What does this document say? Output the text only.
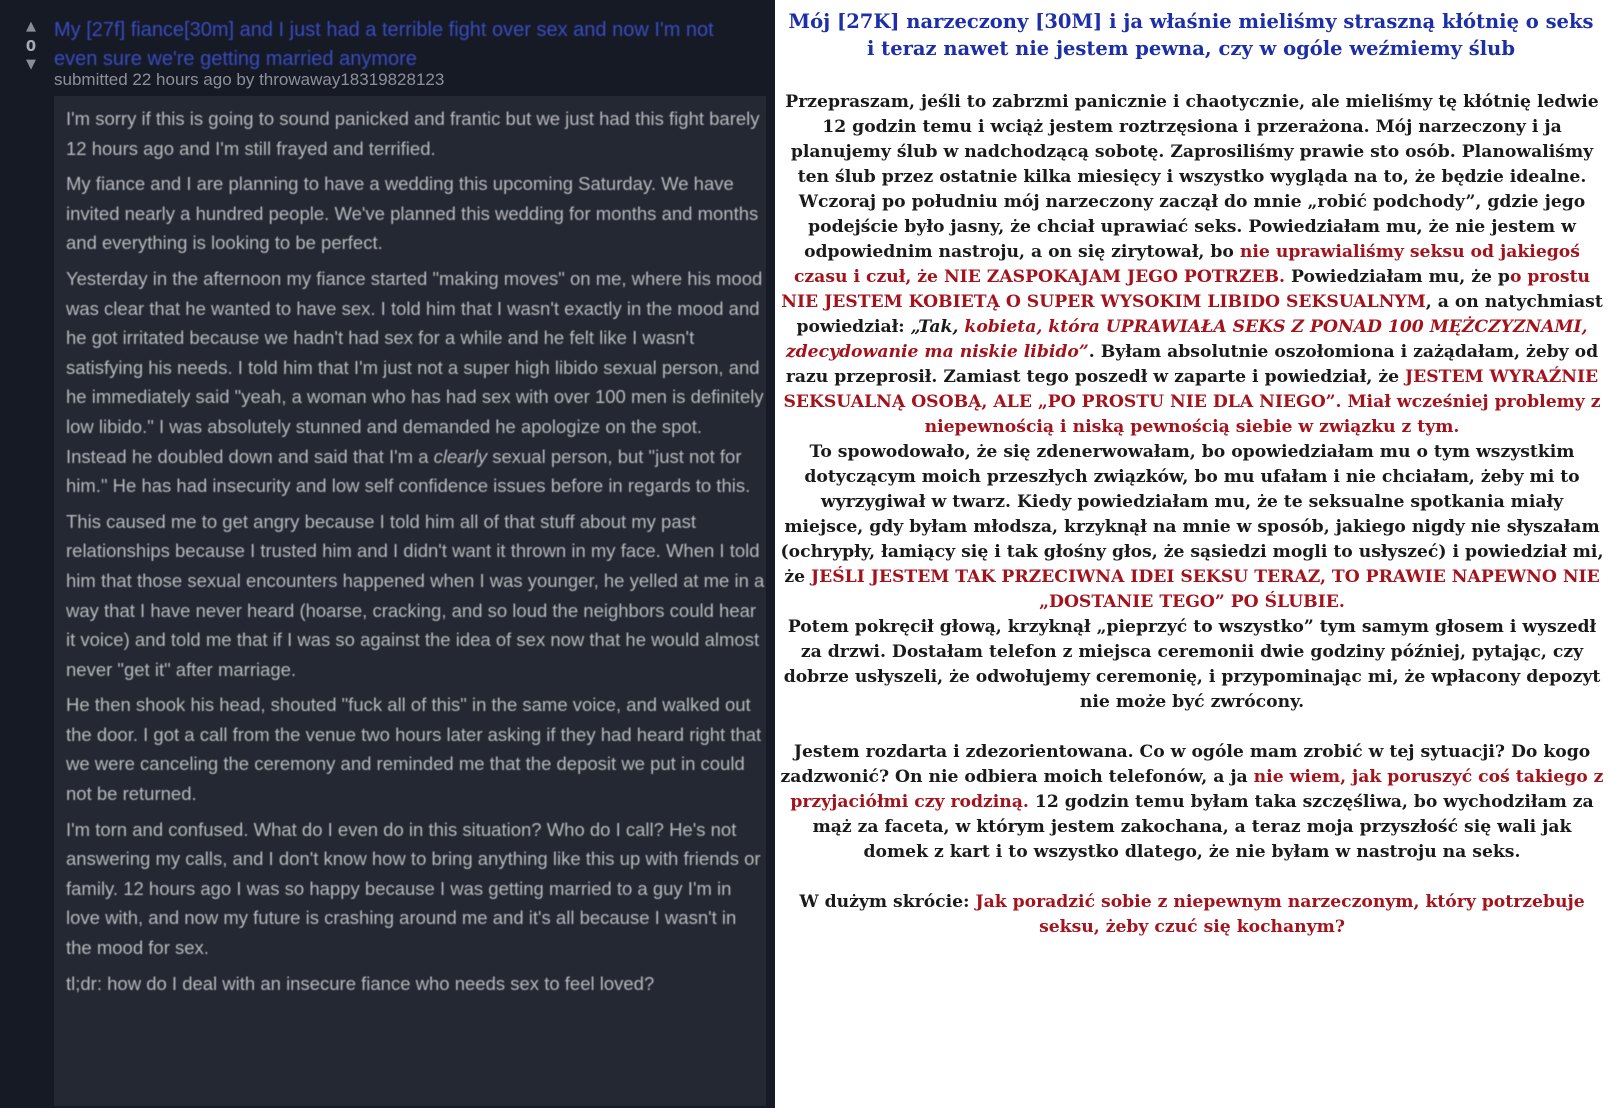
▲
0
▼
My [27f] fiance[30m] and I just had a terrible fight over sex and now I'm not even sure we're getting married anymore
submitted 22 hours ago by throwaway18319828123

I'm sorry if this is going to sound panicked and frantic but we just had this fight barely 12 hours ago and I'm still frayed and terrified.

My fiance and I are planning to have a wedding this upcoming Saturday. We have invited nearly a hundred people. We've planned this wedding for months and months and everything is looking to be perfect.

Yesterday in the afternoon my fiance started "making moves" on me, where his mood was clear that he wanted to have sex. I told him that I wasn't exactly in the mood and he got irritated because we hadn't had sex for a while and he felt like I wasn't satisfying his needs. I told him that I'm just not a super high libido sexual person, and he immediately said "yeah, a woman who has had sex with over 100 men is definitely low libido." I was absolutely stunned and demanded he apologize on the spot. Instead he doubled down and said that I'm a clearly sexual person, but "just not for him." He has had insecurity and low self confidence issues before in regards to this.

This caused me to get angry because I told him all of that stuff about my past relationships because I trusted him and I didn't want it thrown in my face. When I told him that those sexual encounters happened when I was younger, he yelled at me in a way that I have never heard (hoarse, cracking, and so loud the neighbors could hear it voice) and told me that if I was so against the idea of sex now that he would almost never "get it" after marriage.

He then shook his head, shouted "fuck all of this" in the same voice, and walked out the door. I got a call from the venue two hours later asking if they had heard right that we were canceling the ceremony and reminded me that the deposit we put in could not be returned.

I'm torn and confused. What do I even do in this situation? Who do I call? He's not answering my calls, and I don't know how to bring anything like this up with friends or family. 12 hours ago I was so happy because I was getting married to a guy I'm in love with, and now my future is crashing around me and it's all because I wasn't in the mood for sex.

tl;dr: how do I deal with an insecure fiance who needs sex to feel loved?

Mój [27K] narzeczony [30M] i ja właśnie mieliśmy straszną kłótnię o seks i teraz nawet nie jestem pewna, czy w ogóle weźmiemy ślub

Przepraszam, jeśli to zabrzmi panicznie i chaotycznie, ale mieliśmy tę kłótnię ledwie 12 godzin temu i wciąż jestem roztrzęsiona i przerażona. Mój narzeczony i ja planujemy ślub w nadchodzącą sobotę. Zaprosiliśmy prawie sto osób. Planowaliśmy ten ślub przez ostatnie kilka miesięcy i wszystko wygląda na to, że będzie idealne.

Wczoraj po południu mój narzeczony zaczął do mnie „robić podchody”, gdzie jego podejście było jasny, że chciał uprawiać seks. Powiedziałam mu, że nie jestem w odpowiednim nastroju, a on się zirytował, bo nie uprawialiśmy seksu od jakiegoś czasu i czuł, że NIE ZASPOKAJAM JEGO POTRZEB. Powiedziałam mu, że po prostu NIE JESTEM KOBIETĄ O SUPER WYSOKIM LIBIDO SEKSUALNYM, a on natychmiast powiedział: „Tak, kobieta, która UPRAWIAŁA SEKS Z PONAD 100 MĘŻCZYZNAMI, zdecydowanie ma niskie libido”. Byłam absolutnie oszołomiona i zażądałam, żeby od razu przeprosił. Zamiast tego poszedł w zaparte i powiedział, że JESTEM WYRAŹNIE SEKSUALNĄ OSOBĄ, ALE „PO PROSTU NIE DLA NIEGO”. Miał wcześniej problemy z niepewnością i niską pewnością siebie w związku z tym.

To spowodowało, że się zdenerwowałam, bo opowiedziałam mu o tym wszystkim dotyczącym moich przeszłych związków, bo mu ufałam i nie chciałam, żeby mi to wyrzygiwał w twarz. Kiedy powiedziałam mu, że te seksualne spotkania miały miejsce, gdy byłam młodsza, krzyknął na mnie w sposób, jakiego nigdy nie słyszałam (ochrypły, łamiący się i tak głośny głos, że sąsiedzi mogli to usłyszeć) i powiedział mi, że JEŚLI JESTEM TAK PRZECIWNA IDEI SEKSU TERAZ, TO PRAWIE NAPEWNO NIE „DOSTANIE TEGO” PO ŚLUBIE.

Potem pokręcił głową, krzyknął „pieprzyć to wszystko” tym samym głosem i wyszedł za drzwi. Dostałam telefon z miejsca ceremonii dwie godziny później, pytając, czy dobrze usłyszeli, że odwołujemy ceremonię, i przypominając mi, że wpłacony depozyt nie może być zwrócony.

Jestem rozdarta i zdezorientowana. Co w ogóle mam zrobić w tej sytuacji? Do kogo zadzwonić? On nie odbiera moich telefonów, a ja nie wiem, jak poruszyć coś takiego z przyjaciółmi czy rodziną. 12 godzin temu byłam taka szczęśliwa, bo wychodziłam za mąż za faceta, w którym jestem zakochana, a teraz moja przyszłość się wali jak domek z kart i to wszystko dlatego, że nie byłam w nastroju na seks.

W dużym skrócie: Jak poradzić sobie z niepewnym narzeczonym, który potrzebuje seksu, żeby czuć się kochanym?
